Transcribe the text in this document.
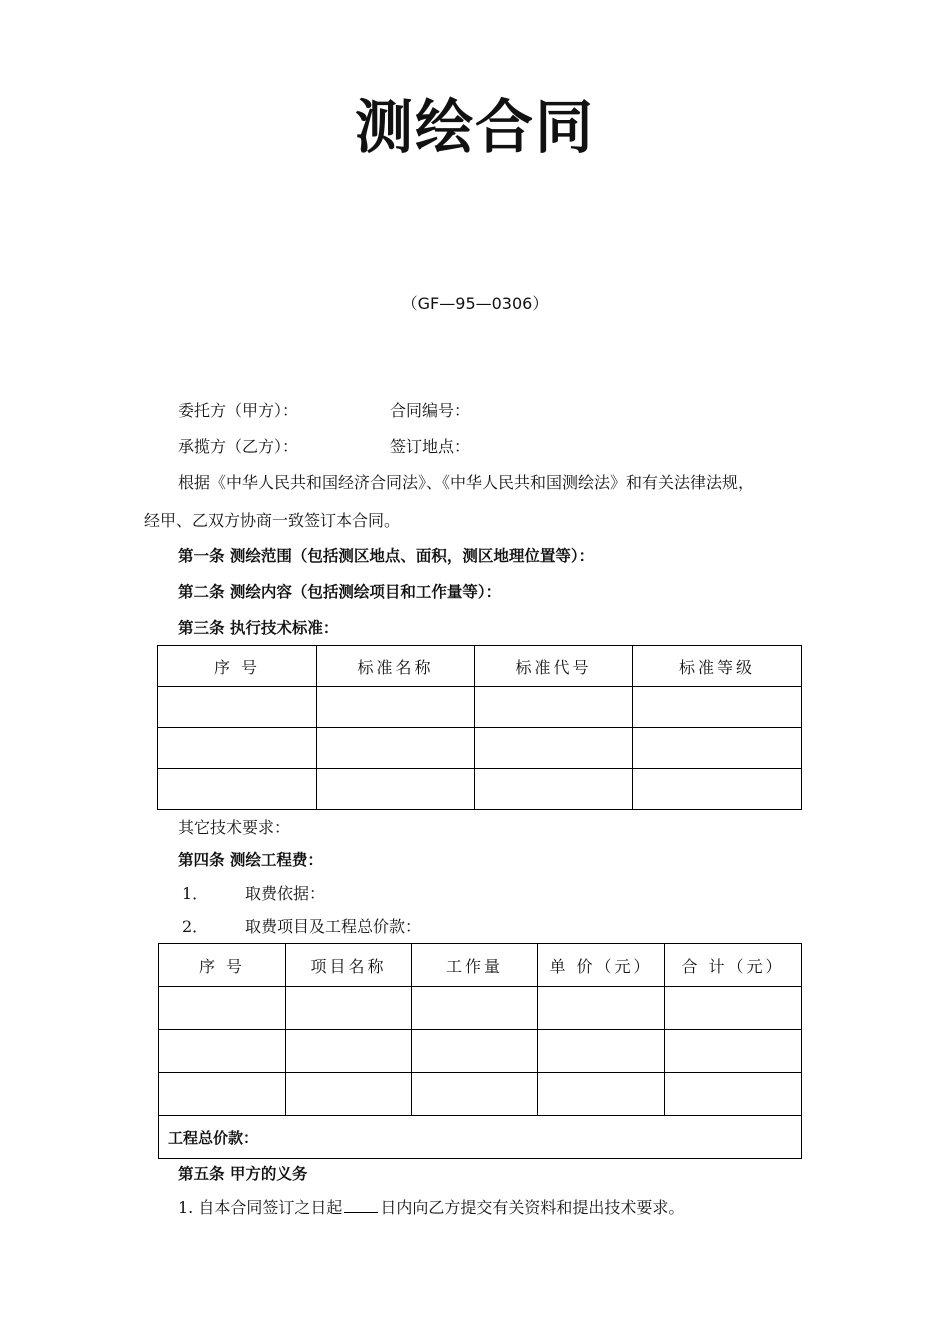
测绘合同
（GF—95—0306）
委托方（甲方）：	合同编号：
承揽方（乙方）：	签订地点：
根据《中华人民共和国经济合同法》、《中华人民共和国测绘法》和有关法律法规，
经甲、乙双方协商一致签订本合同。
第一条 测绘范围（包括测区地点、面积，测区地理位置等）：
第二条 测绘内容（包括测绘项目和工作量等）：
第三条 执行技术标准：
序 号	标准名称	标准代号	标准等级

其它技术要求：
第四条 测绘工程费：
1． 取费依据：
2． 取费项目及工程总价款：
序 号	项目名称	工作量	单 价（元）	合 计（元）

工程总价款：				
第五条 甲方的义务
1. 自本合同签订之日起 日内向乙方提交有关资料和提出技术要求。
